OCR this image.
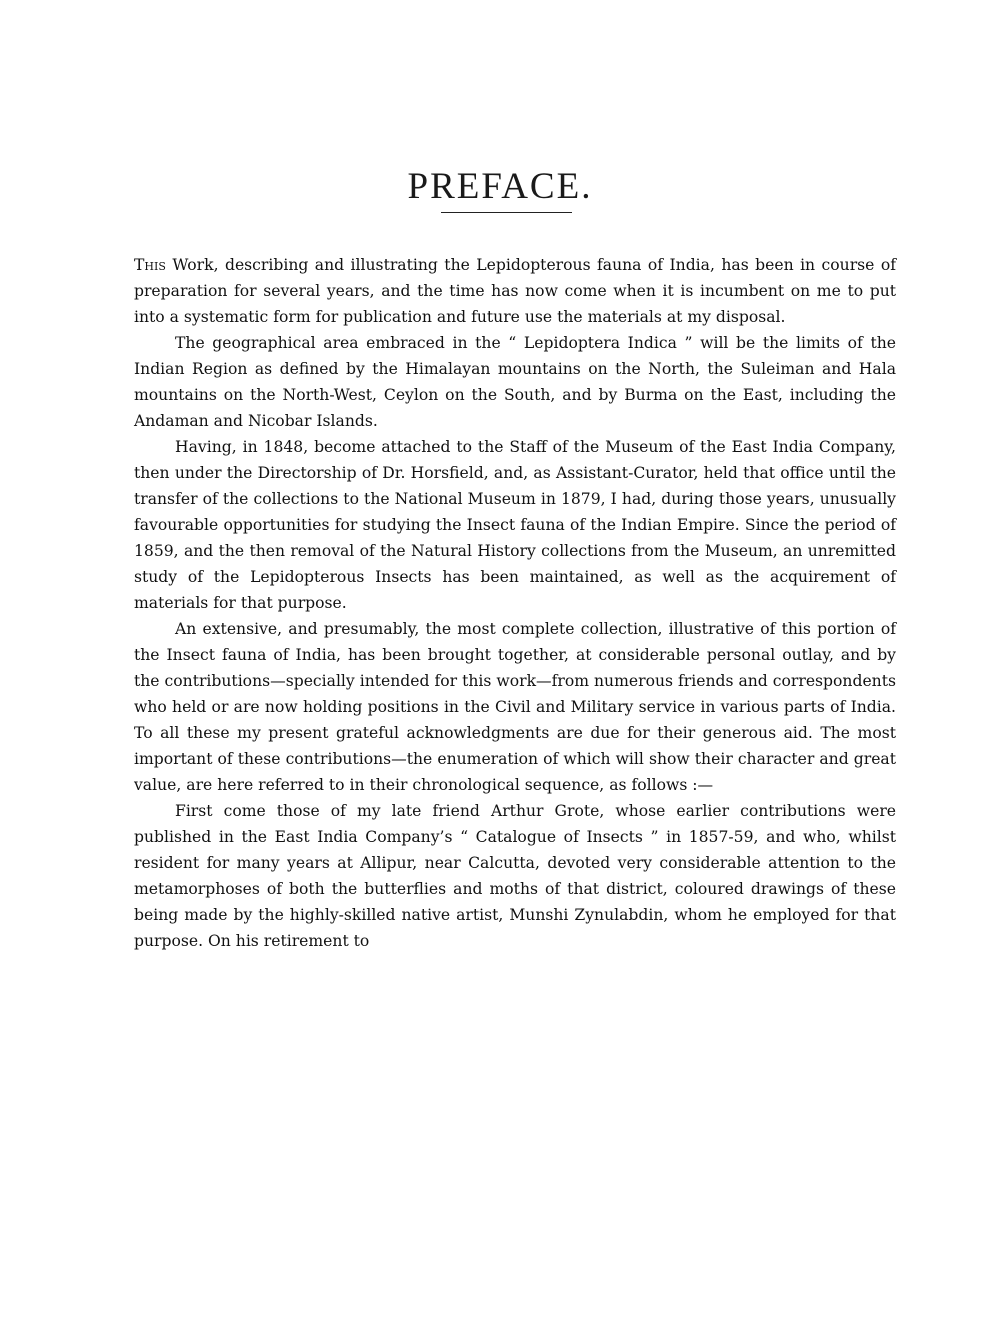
PREFACE.

This Work, describing and illustrating the Lepidopterous fauna of India, has been in course of preparation for several years, and the time has now come when it is incumbent on me to put into a systematic form for publication and future use the materials at my disposal.

The geographical area embraced in the “ Lepidoptera Indica ” will be the limits of the Indian Region as defined by the Himalayan mountains on the North, the Suleiman and Hala mountains on the North-West, Ceylon on the South, and by Burma on the East, including the Andaman and Nicobar Islands.

Having, in 1848, become attached to the Staff of the Museum of the East India Company, then under the Directorship of Dr. Horsfield, and, as Assistant-Curator, held that office until the transfer of the collections to the National Museum in 1879, I had, during those years, unusually favourable opportunities for studying the Insect fauna of the Indian Empire. Since the period of 1859, and the then removal of the Natural History collections from the Museum, an unremitted study of the Lepidopterous Insects has been maintained, as well as the acquirement of materials for that purpose.

An extensive, and presumably, the most complete collection, illustrative of this portion of the Insect fauna of India, has been brought together, at considerable personal outlay, and by the contributions—specially intended for this work—from numerous friends and correspondents who held or are now holding positions in the Civil and Military service in various parts of India. To all these my present grateful acknowledgments are due for their generous aid. The most important of these contributions—the enumeration of which will show their character and great value, are here referred to in their chronological sequence, as follows :—

First come those of my late friend Arthur Grote, whose earlier contributions were published in the East India Company’s “ Catalogue of Insects ” in 1857-59, and who, whilst resident for many years at Allipur, near Calcutta, devoted very considerable attention to the metamorphoses of both the butterflies and moths of that district, coloured drawings of these being made by the highly-skilled native artist, Munshi Zynulabdin, whom he employed for that purpose. On his retirement to
